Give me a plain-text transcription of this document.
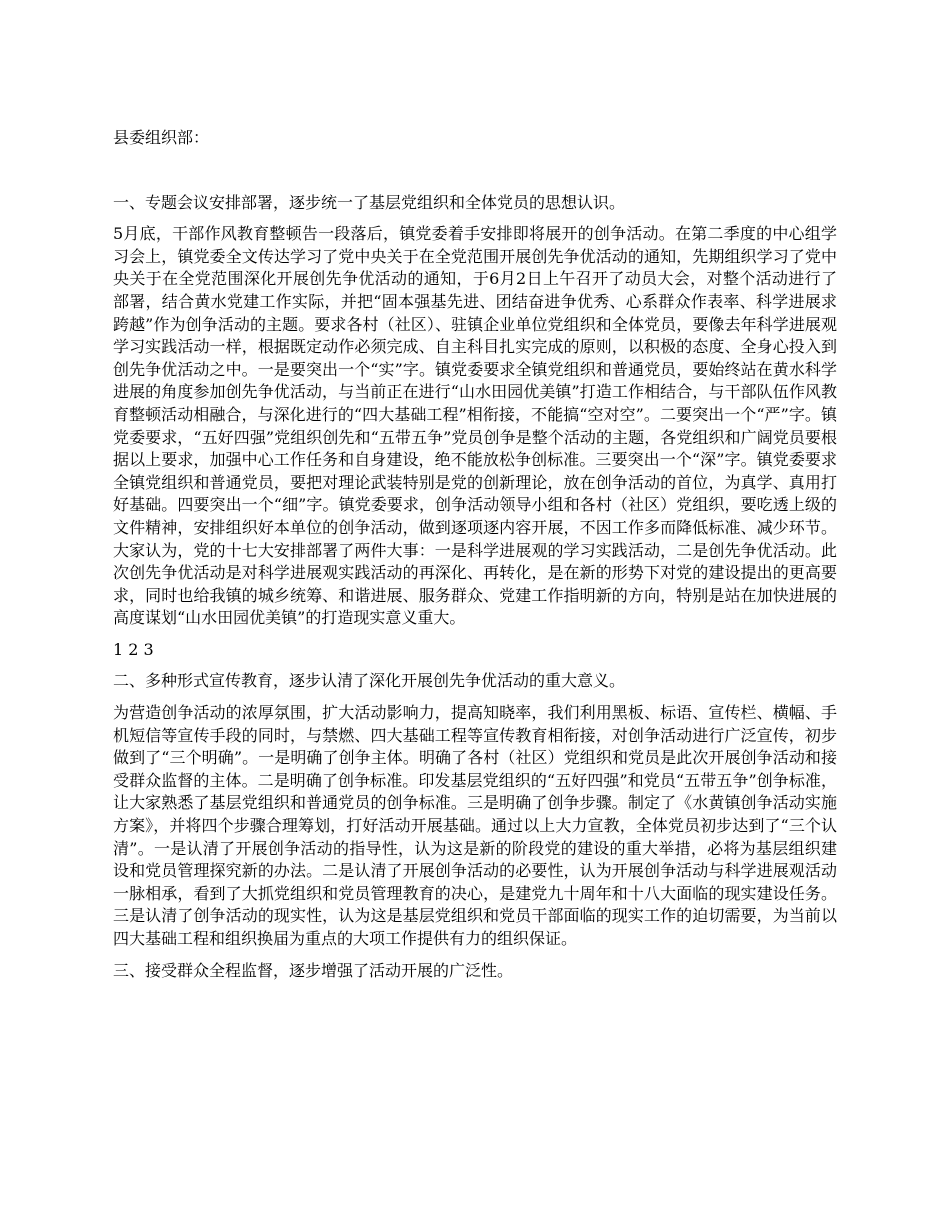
县委组织部：

一、专题会议安排部署，逐步统一了基层党组织和全体党员的思想认识。

5月底，干部作风教育整顿告一段落后，镇党委着手安排即将展开的创争活动。在第二季度的中心组学习会上，镇党委全文传达学习了党中央关于在全党范围开展创先争优活动的通知，先期组织学习了党中央关于在全党范围深化开展创先争优活动的通知，于6月2日上午召开了动员大会，对整个活动进行了部署，结合黄水党建工作实际，并把“固本强基先进、团结奋进争优秀、心系群众作表率、科学进展求跨越”作为创争活动的主题。要求各村（社区）、驻镇企业单位党组织和全体党员，要像去年科学进展观学习实践活动一样，根据既定动作必须完成、自主科目扎实完成的原则，以积极的态度、全身心投入到创先争优活动之中。一是要突出一个“实”字。镇党委要求全镇党组织和普通党员，要始终站在黄水科学进展的角度参加创先争优活动，与当前正在进行“山水田园优美镇”打造工作相结合，与干部队伍作风教育整顿活动相融合，与深化进行的“四大基础工程”相衔接，不能搞“空对空”。二要突出一个“严”字。镇党委要求，“五好四强”党组织创先和“五带五争”党员创争是整个活动的主题，各党组织和广阔党员要根据以上要求，加强中心工作任务和自身建设，绝不能放松争创标准。三要突出一个“深”字。镇党委要求全镇党组织和普通党员，要把对理论武装特别是党的创新理论，放在创争活动的首位，为真学、真用打好基础。四要突出一个“细”字。镇党委要求，创争活动领导小组和各村（社区）党组织，要吃透上级的文件精神，安排组织好本单位的创争活动，做到逐项逐内容开展，不因工作多而降低标准、减少环节。大家认为，党的十七大安排部署了两件大事：一是科学进展观的学习实践活动，二是创先争优活动。此次创先争优活动是对科学进展观实践活动的再深化、再转化，是在新的形势下对党的建设提出的更高要求，同时也给我镇的城乡统筹、和谐进展、服务群众、党建工作指明新的方向，特别是站在加快进展的高度谋划“山水田园优美镇”的打造现实意义重大。

1 2 3

二、多种形式宣传教育，逐步认清了深化开展创先争优活动的重大意义。

为营造创争活动的浓厚氛围，扩大活动影响力，提高知晓率，我们利用黑板、标语、宣传栏、横幅、手机短信等宣传手段的同时，与禁燃、四大基础工程等宣传教育相衔接，对创争活动进行广泛宣传，初步做到了“三个明确”。一是明确了创争主体。明确了各村（社区）党组织和党员是此次开展创争活动和接受群众监督的主体。二是明确了创争标准。印发基层党组织的“五好四强”和党员“五带五争”创争标准，让大家熟悉了基层党组织和普通党员的创争标准。三是明确了创争步骤。制定了《水黄镇创争活动实施方案》，并将四个步骤合理筹划，打好活动开展基础。通过以上大力宣教，全体党员初步达到了“三个认清”。一是认清了开展创争活动的指导性，认为这是新的阶段党的建设的重大举措，必将为基层组织建设和党员管理探究新的办法。二是认清了开展创争活动的必要性，认为开展创争活动与科学进展观活动一脉相承，看到了大抓党组织和党员管理教育的决心，是建党九十周年和十八大面临的现实建设任务。三是认清了创争活动的现实性，认为这是基层党组织和党员干部面临的现实工作的迫切需要，为当前以四大基础工程和组织换届为重点的大项工作提供有力的组织保证。

三、接受群众全程监督，逐步增强了活动开展的广泛性。
